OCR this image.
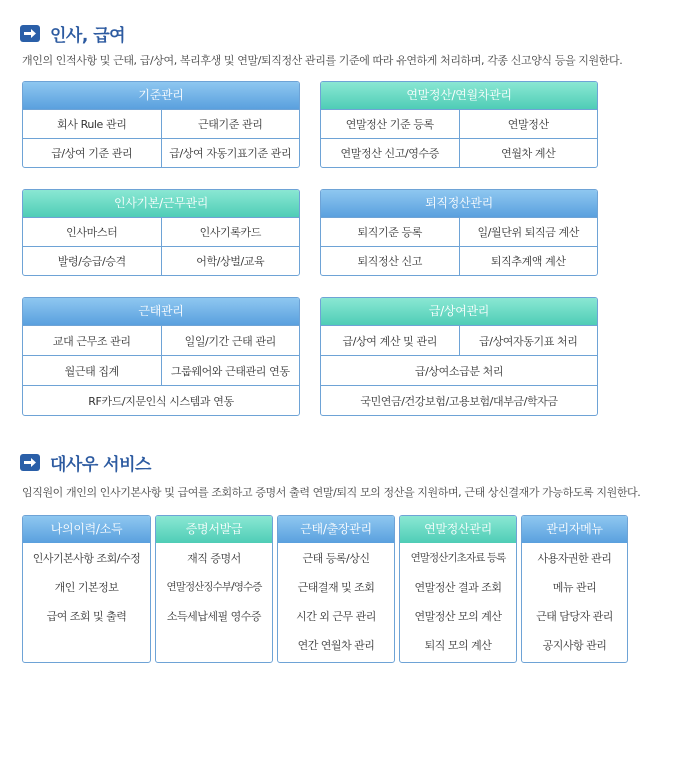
인사, 급여
개인의 인적사항 및 근태, 급/상여, 복리후생 및 연말/퇴직정산 관리를 기준에 따라 유연하게 처리하며, 각종 신고양식 등을 지원한다.
기준관리
회사 Rule 관리	근태기준 관리
급/상여 기준 관리	급/상여 자동기표기준 관리
연말정산/연월차관리
연말정산 기준 등록	연말정산
연말정산 신고/영수증	연월차 계산
인사기본/근무관리
인사마스터	인사기록카드
발령/승급/승격	어학/상벌/교육
퇴직정산관리
퇴직기준 등록	일/월단위 퇴직금 계산
퇴직정산 신고	퇴직추계액 계산
근태관리
교대 근무조 관리	일일/기간 근태 관리
월근태 집계	그룹웨어와 근태관리 연동
RF카드/지문인식 시스템과 연동
급/상여관리
급/상여 계산 및 관리	급/상여자동기표 처리
급/상여소급분 처리
국민연금/건강보험/고용보험/대부금/학자금
대사우 서비스
임직원이 개인의 인사기본사항 및 급여를 조회하고 증명서 출력 연말/퇴직 모의 정산을 지원하며, 근태 상신결재가 가능하도록 지원한다.
나의이력/소득
인사기본사항 조회/수정
개인 기본정보
급여 조회 및 출력
증명서발급
재직 증명서
연말정산징수부/영수증
소득세납세필 영수증
근태/출장관리
근태 등록/상신
근태결재 및 조회
시간 외 근무 관리
연간 연월차 관리
연말정산관리
연말정산기초자료 등록
연말정산 결과 조회
연말정산 모의 계산
퇴직 모의 계산
관리자메뉴
사용자권한 관리
메뉴 관리
근태 담당자 관리
공지사항 관리
